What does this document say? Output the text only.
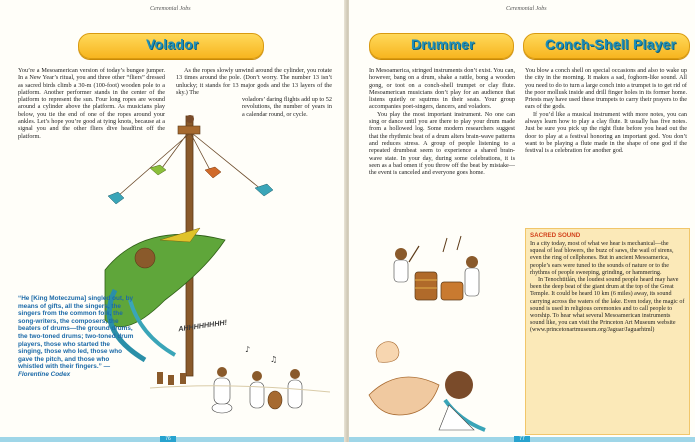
Ceremonial Jobs
Volador

You’re a Mesoamerican version of today’s bungee jumper. In a New Year’s ritual, you and three other “fliers” dressed as sacred birds climb a 30-m (100-foot) wooden pole to a platform. Another performer stands in the center of the platform to represent the sun. Four long ropes are wound around a cylinder above the platform. As musicians play below, you tie the end of one of the ropes around your ankles. Let’s hope you’re good at tying knots, because at a signal you and the other fliers dive headfirst off the platform.

As the ropes slowly unwind around the cylinder, you rotate 13 times around the pole. (Don’t worry. The number 13 isn’t unlucky; it stands for 13 major gods and the 13 layers of the sky.) The

voladors’ daring flights add up to 52 revolutions, the number of years in a calendar round, or cycle.

♪
♫
AHHHHHHHH!
“He [King Moteczuma] singled out, by means of gifts, all the singers, the singers from the common folk, the song-writers, the composers, the beaters of drums—the ground drums, the two-toned drums; two-toned drum players, those who started the singing, those who led, those who gave the pitch, and those who whistled with their fingers.” — Florentine Codex
76
Ceremonial Jobs
Drummer	Conch-Shell Player

In Mesoamerica, stringed instruments don’t exist. You can, however, bang on a drum, shake a rattle, bong a wooden gong, or toot on a conch-shell trumpet or clay flute. Mesoamerican musicians don’t play for an audience that listens quietly or squirms in their seats. Your group accompanies poet-singers, dancers, and voladors.

You play the most important instrument. No one can sing or dance until you are there to play your drum made from a hollowed log. Some modern researchers suggest that the rhythmic beat of a drum alters brain-wave patterns and reduces stress. A group of people listening to a repeated drumbeat seem to experience a shared brain-wave state. In your day, during some celebrations, it is seen as a bad omen if you throw off the beat by mistake—the event is canceled and everyone goes home.

You blow a conch shell on special occasions and also to wake up the city in the morning. It makes a sad, foghorn-like sound. All you need to do to turn a large conch into a trumpet is to get rid of the poor mollusk inside and drill finger holes in its former home. Priests may have used these trumpets to carry their prayers to the ears of the gods.

If you’d like a musical instrument with more notes, you can always learn how to play a clay flute. It usually has five notes. Just be sure you pick up the right flute before you head out the door to play at a festival honoring an important god. You don’t want to be playing a flute made in the shape of one god if the festival is a celebration for another god.

SACRED SOUND

In a city today, most of what we hear is mechanical—the squeal of leaf blowers, the buzz of saws, the wail of sirens, even the ring of cellphones. But in ancient Mesoamerica, people’s ears were tuned to the sounds of nature or to the rhythms of people sweeping, grinding, or hammering.

In Tenochtitlán, the loudest sound people heard may have been the deep beat of the giant drum at the top of the Great Temple. It could be heard 10 km (6 miles) away, its sound carrying across the waters of the lake. Even today, the magic of sound is used in religious ceremonies and to call people to worship. To hear what several Mesoamerican instruments sound like, you can visit the Princeton Art Museum website (www.princetonartmuseum.org/Jaguar/Jaguarhtml)

77
